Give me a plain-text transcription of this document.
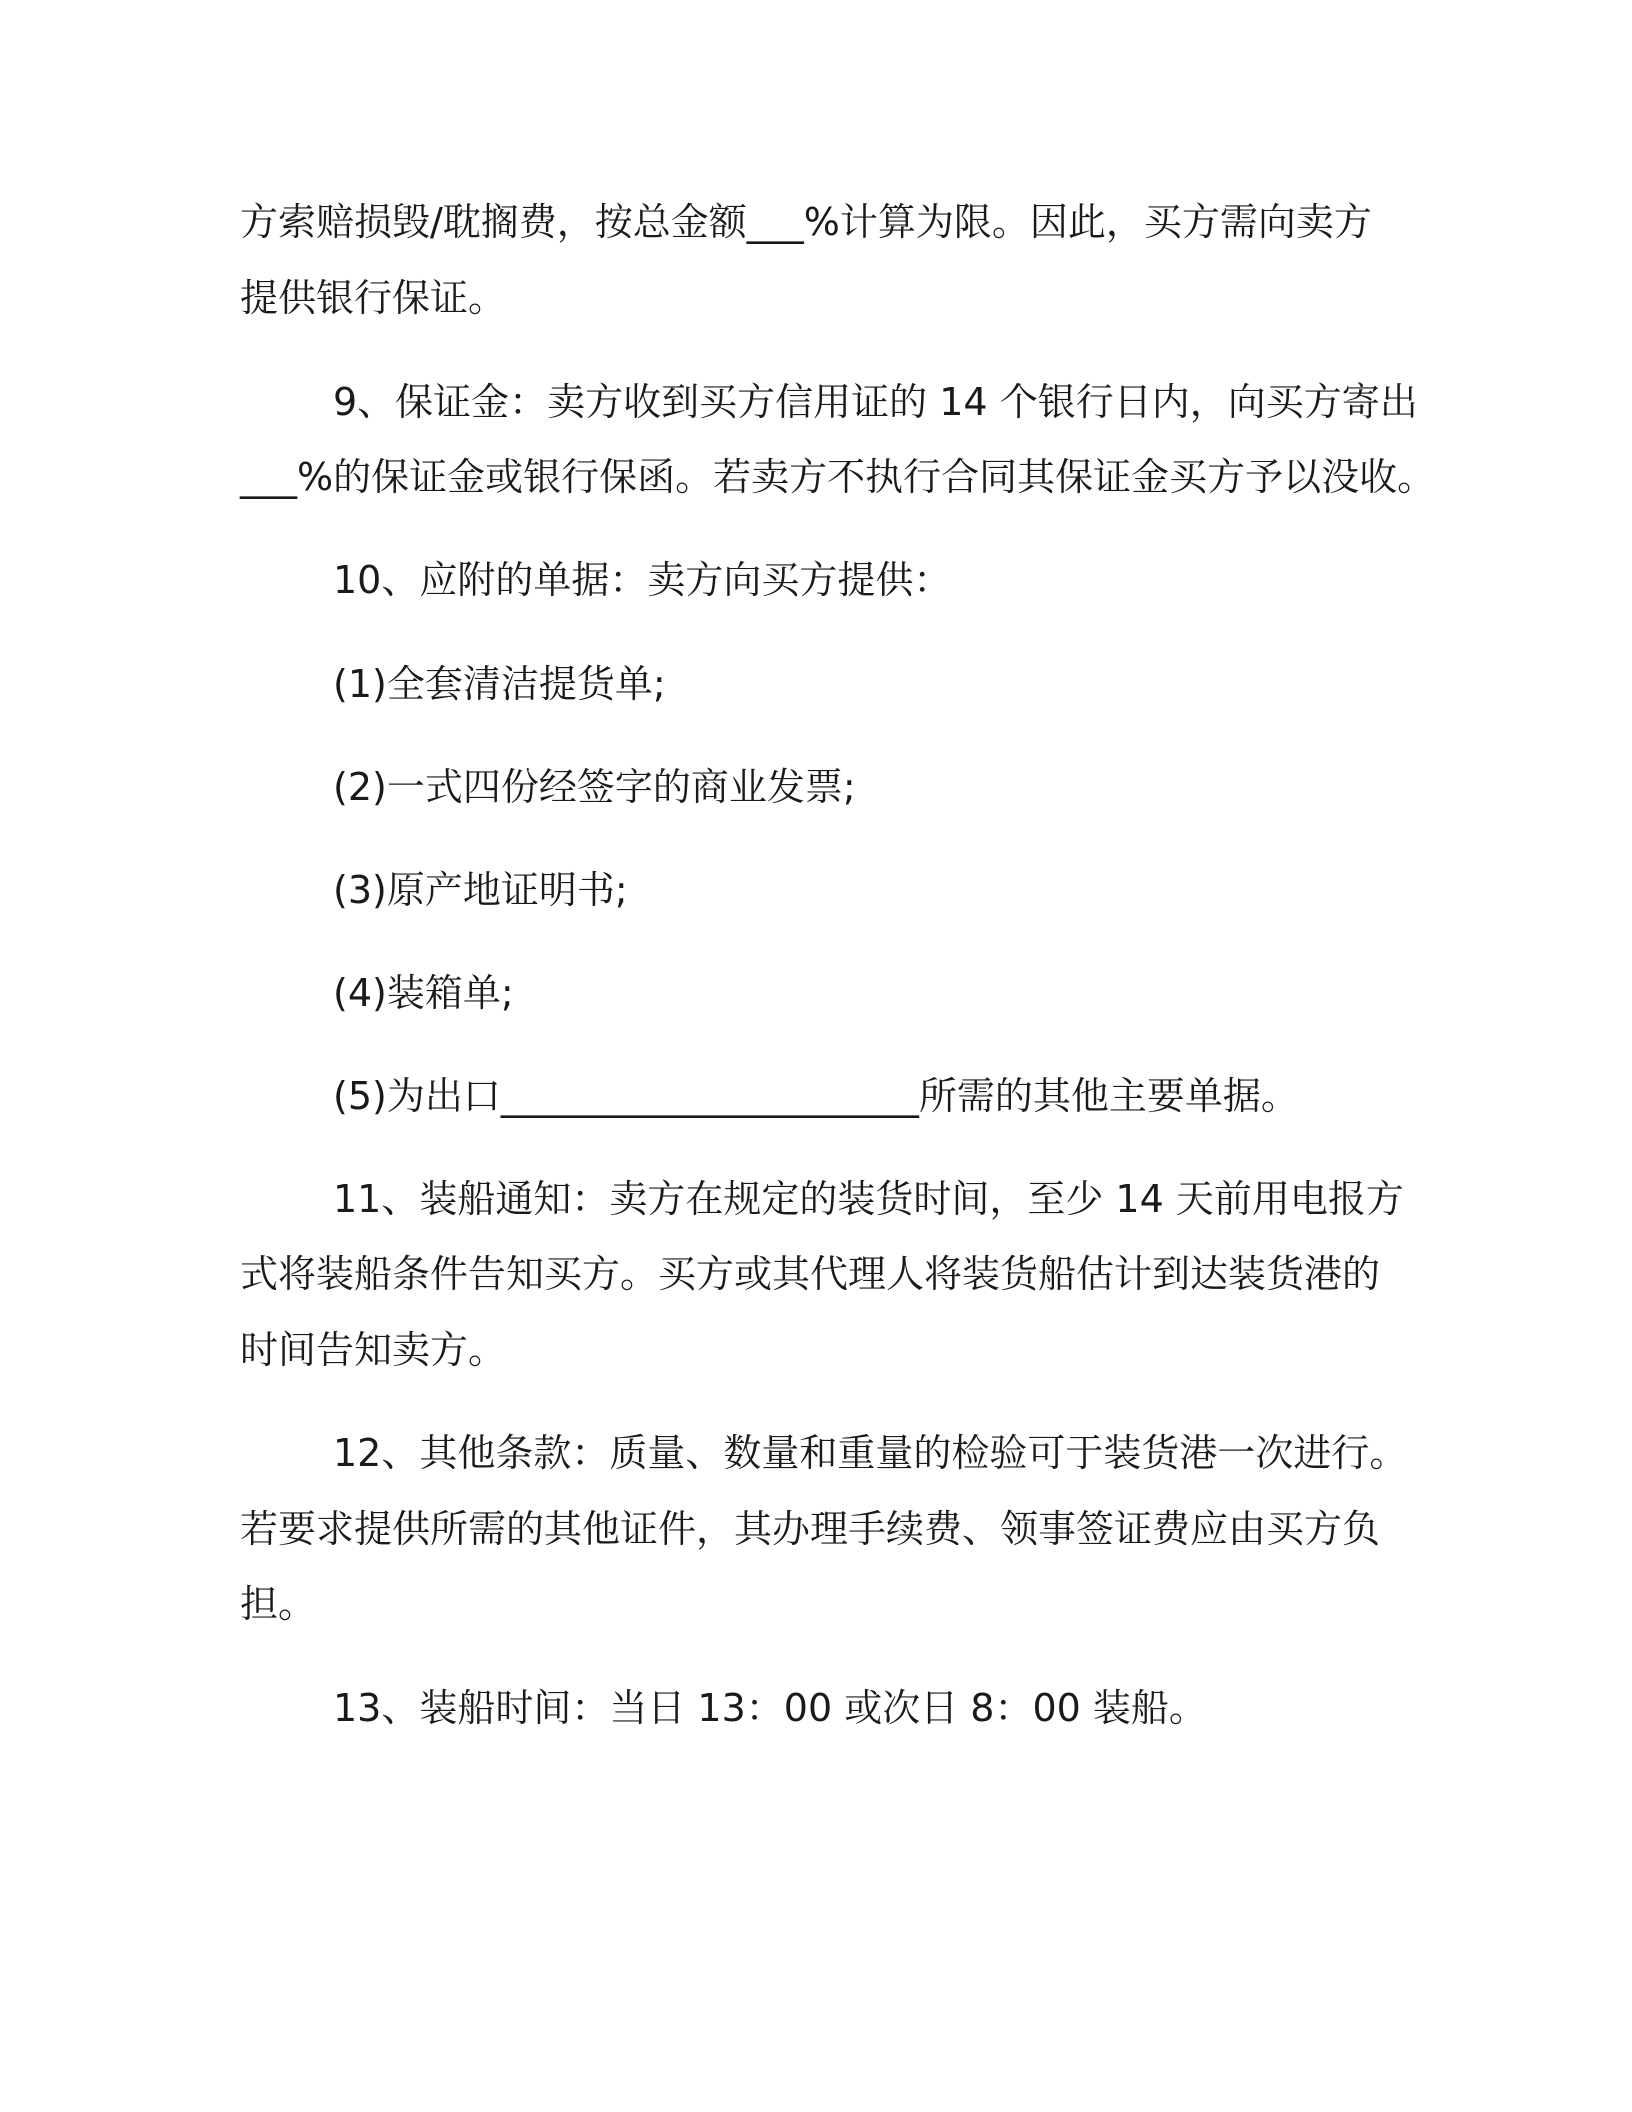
方索赔损毁/耽搁费，按总金额___%计算为限。因此，买方需向卖方
提供银行保证。
9、保证金：卖方收到买方信用证的 14 个银行日内，向买方寄出
___%的保证金或银行保函。若卖方不执行合同其保证金买方予以没收。
10、应附的单据：卖方向买方提供：
(1)全套清洁提货单;
(2)一式四份经签字的商业发票;
(3)原产地证明书;
(4)装箱单;
(5)为出口______________________所需的其他主要单据。
11、装船通知：卖方在规定的装货时间，至少 14 天前用电报方
式将装船条件告知买方。买方或其代理人将装货船估计到达装货港的
时间告知卖方。
12、其他条款：质量、数量和重量的检验可于装货港一次进行。
若要求提供所需的其他证件，其办理手续费、领事签证费应由买方负
担。
13、装船时间：当日 13：00 或次日 8：00 装船。
